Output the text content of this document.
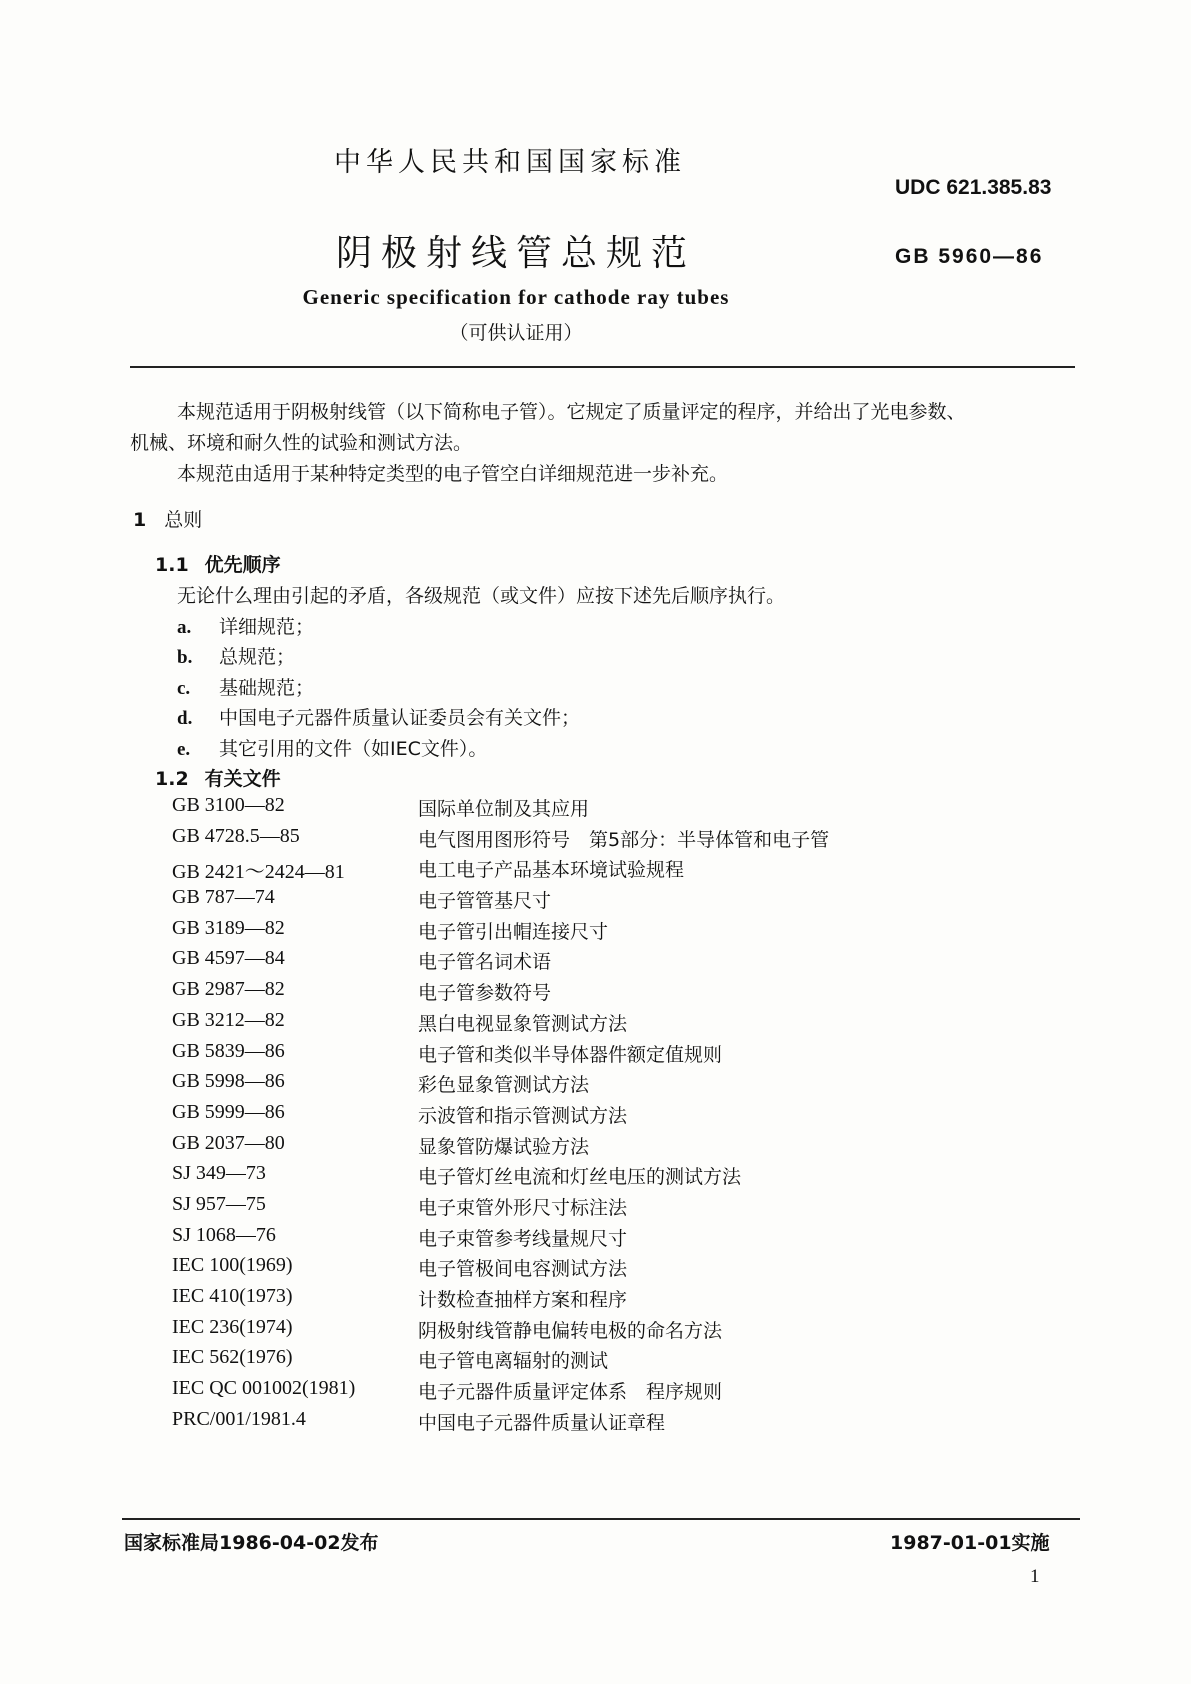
中华人民共和国国家标准
UDC 621.385.83
阴极射线管总规范	GB 5960—86
Generic specification for cathode ray tubes
（可供认证用）
本规范适用于阴极射线管（以下简称电子管）。它规定了质量评定的程序，并给出了光电参数、
机械、环境和耐久性的试验和测试方法。
本规范由适用于某种特定类型的电子管空白详细规范进一步补充。
1 总则
1.1 优先顺序
无论什么理由引起的矛盾，各级规范（或文件）应按下述先后顺序执行。
a. 详细规范；
b. 总规范；
c. 基础规范；
d. 中国电子元器件质量认证委员会有关文件；
e. 其它引用的文件（如IEC文件）。
1.2 有关文件
GB 3100—82	国际单位制及其应用
GB 4728.5—85	电气图用图形符号　第5部分：半导体管和电子管
GB 2421～2424—81	电工电子产品基本环境试验规程
GB 787—74	电子管管基尺寸
GB 3189—82	电子管引出帽连接尺寸
GB 4597—84	电子管名词术语
GB 2987—82	电子管参数符号
GB 3212—82	黑白电视显象管测试方法
GB 5839—86	电子管和类似半导体器件额定值规则
GB 5998—86	彩色显象管测试方法
GB 5999—86	示波管和指示管测试方法
GB 2037—80	显象管防爆试验方法
SJ 349—73	电子管灯丝电流和灯丝电压的测试方法
SJ 957—75	电子束管外形尺寸标注法
SJ 1068—76	电子束管参考线量规尺寸
IEC 100(1969)	电子管极间电容测试方法
IEC 410(1973)	计数检查抽样方案和程序
IEC 236(1974)	阴极射线管静电偏转电极的命名方法
IEC 562(1976)	电子管电离辐射的测试
IEC QC 001002(1981)	电子元器件质量评定体系　程序规则
PRC/001/1981.4	中国电子元器件质量认证章程
国家标准局1986-04-02发布	1987-01-01实施
1
